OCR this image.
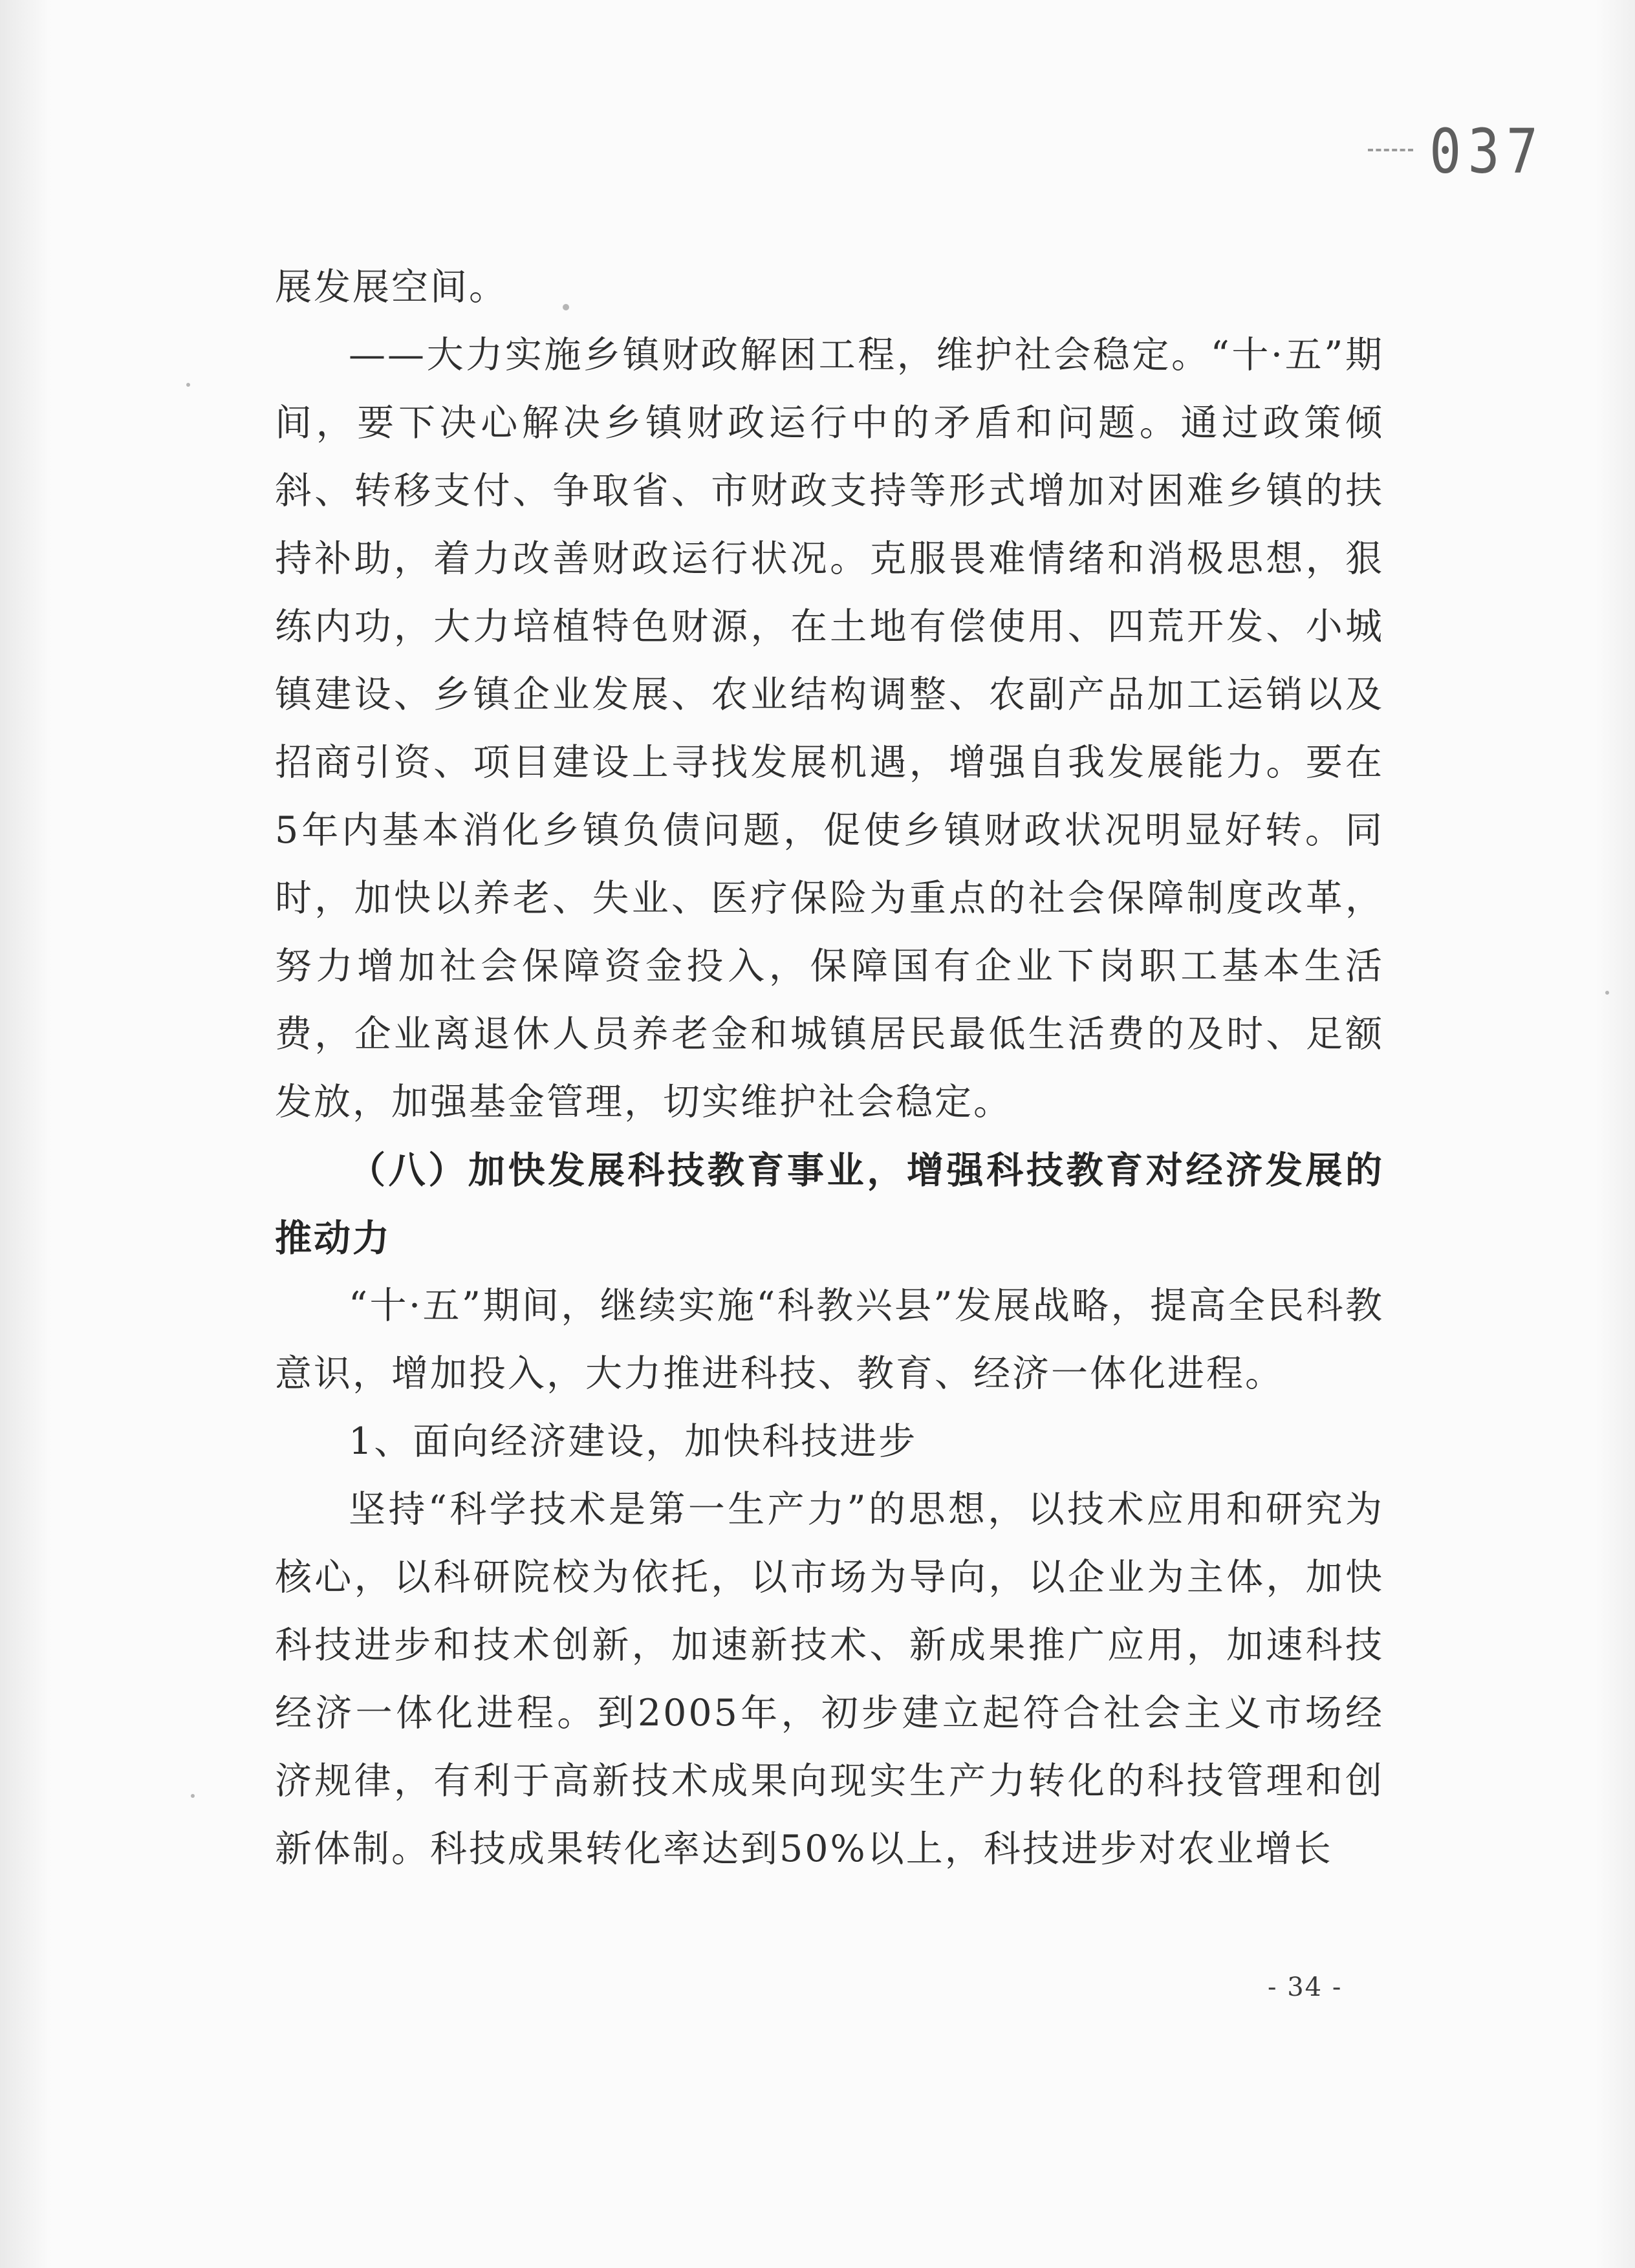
037

展发展空间。

——大力实施乡镇财政解困工程，维护社会稳定。“十·五”期间，要下决心解决乡镇财政运行中的矛盾和问题。通过政策倾斜、转移支付、争取省、市财政支持等形式增加对困难乡镇的扶持补助，着力改善财政运行状况。克服畏难情绪和消极思想，狠练内功，大力培植特色财源，在土地有偿使用、四荒开发、小城镇建设、乡镇企业发展、农业结构调整、农副产品加工运销以及招商引资、项目建设上寻找发展机遇，增强自我发展能力。要在5年内基本消化乡镇负债问题，促使乡镇财政状况明显好转。同时，加快以养老、失业、医疗保险为重点的社会保障制度改革，努力增加社会保障资金投入，保障国有企业下岗职工基本生活费，企业离退休人员养老金和城镇居民最低生活费的及时、足额发放，加强基金管理，切实维护社会稳定。

（八）加快发展科技教育事业，增强科技教育对经济发展的推动力

“十·五”期间，继续实施“科教兴县”发展战略，提高全民科教意识，增加投入，大力推进科技、教育、经济一体化进程。

1、面向经济建设，加快科技进步

坚持“科学技术是第一生产力”的思想，以技术应用和研究为核心，以科研院校为依托，以市场为导向，以企业为主体，加快科技进步和技术创新，加速新技术、新成果推广应用，加速科技经济一体化进程。到2005年，初步建立起符合社会主义市场经济规律，有利于高新技术成果向现实生产力转化的科技管理和创新体制。科技成果转化率达到50%以上，科技进步对农业增长

- 34 -
